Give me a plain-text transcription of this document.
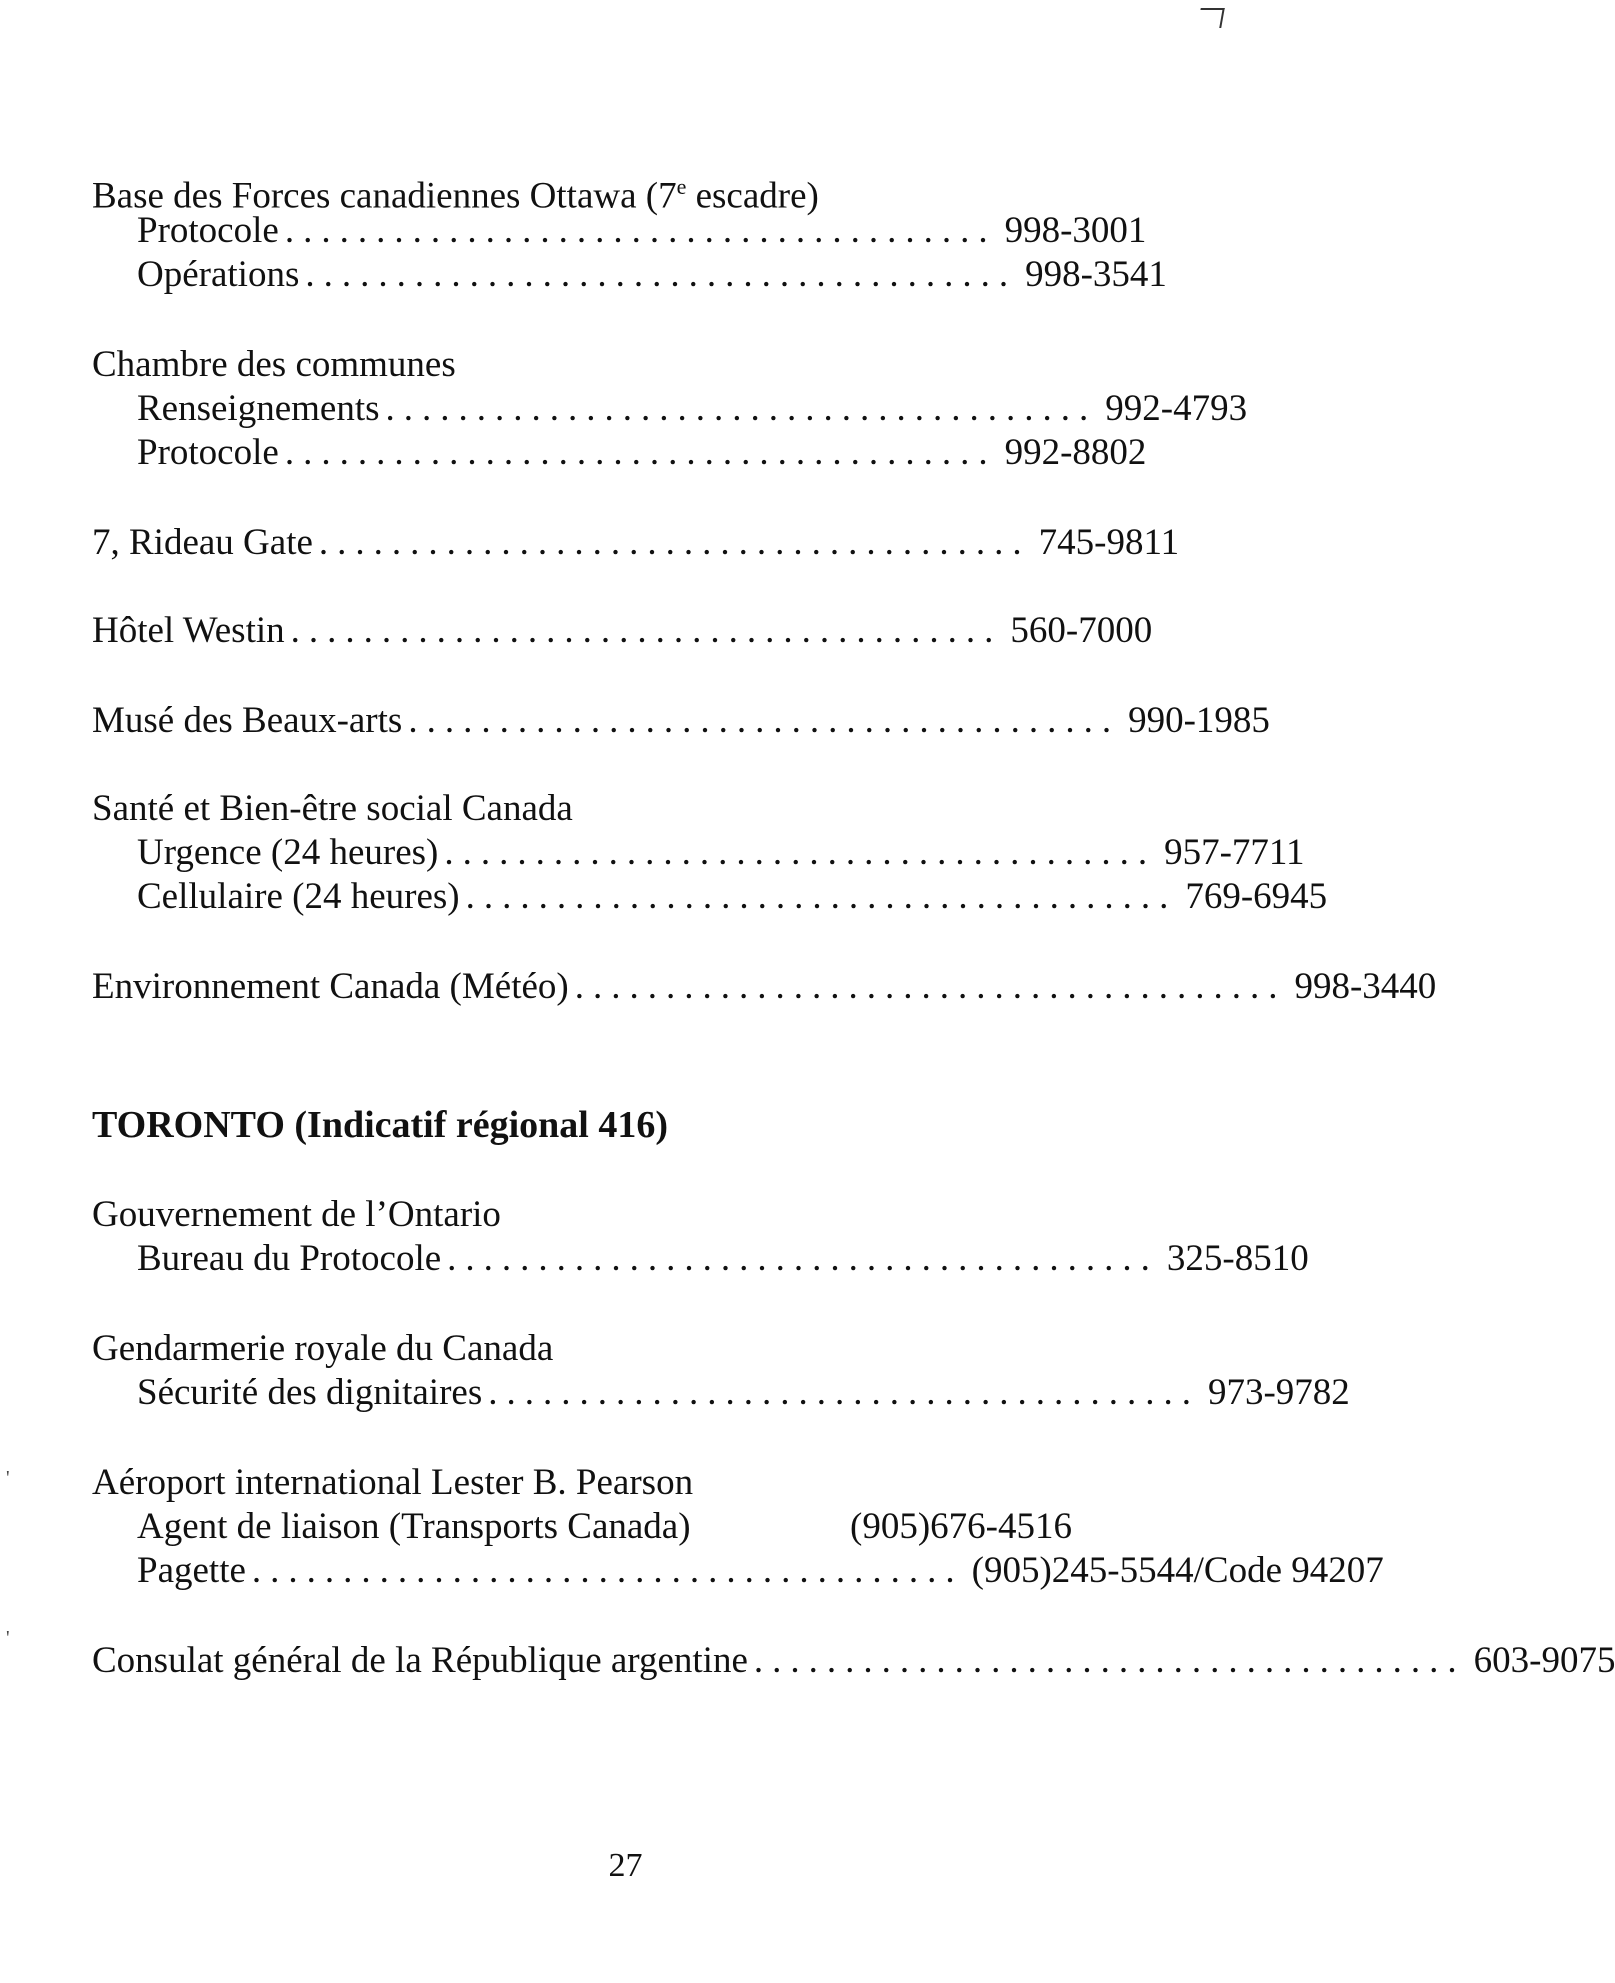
'
'
Base des Forces canadiennes Ottawa (7e escadre)
Protocole ....................................... 998-3001
Opérations ....................................... 998-3541
Chambre des communes
Renseignements ....................................... 992-4793
Protocole ....................................... 992-8802
7, Rideau Gate ....................................... 745-9811
Hôtel Westin ....................................... 560-7000
Musé des Beaux-arts ....................................... 990-1985
Santé et Bien-être social Canada
Urgence (24 heures) ....................................... 957-7711
Cellulaire (24 heures) ....................................... 769-6945
Environnement Canada (Météo) ....................................... 998-3440
TORONTO (Indicatif régional 416)
Gouvernement de l’Ontario
Bureau du Protocole ....................................... 325-8510
Gendarmerie royale du Canada
Sécurité des dignitaires ....................................... 973-9782
Aéroport international Lester B. Pearson
Agent de liaison (Transports Canada)	(905)676-4516
Pagette ....................................... (905)245-5544/Code 94207
Consulat général de la République argentine ....................................... 603-9075
27
